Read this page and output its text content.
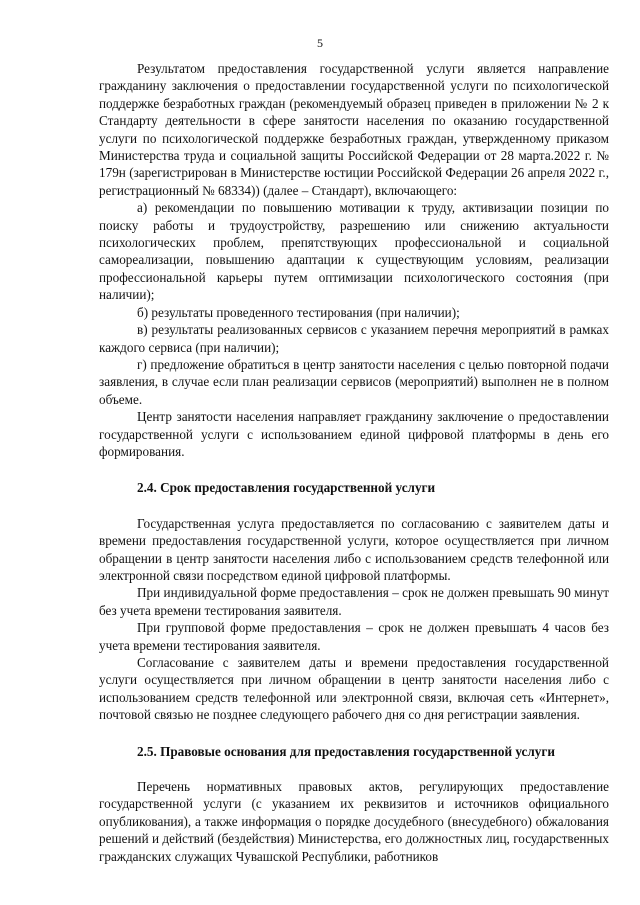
5

Результатом предоставления государственной услуги является направление гражданину заключения о предоставлении государственной услуги по психологической поддержке безработных граждан (рекомендуемый образец приведен в приложении № 2 к Стандарту деятельности в сфере занятости населения по оказанию государственной услуги по психологической поддержке безработных граждан, утвержденному приказом Министерства труда и социальной защиты Российской Федерации от 28 марта.2022 г. № 179н (зарегистрирован в Министерстве юстиции Российской Федерации 26 апреля 2022 г., регистрационный № 68334)) (далее – Стандарт), включающего:

а) рекомендации по повышению мотивации к труду, активизации позиции по поиску работы и трудоустройству, разрешению или снижению актуальности психологических проблем, препятствующих профессиональной и социальной самореализации, повышению адаптации к существующим условиям, реализации профессиональной карьеры путем оптимизации психологического состояния (при наличии);

б) результаты проведенного тестирования (при наличии);

в) результаты реализованных сервисов с указанием перечня мероприятий в рамках каждого сервиса (при наличии);

г) предложение обратиться в центр занятости населения с целью повторной подачи заявления, в случае если план реализации сервисов (мероприятий) выполнен не в полном объеме.

Центр занятости населения направляет гражданину заключение о предоставлении государственной услуги с использованием единой цифровой платформы в день его формирования.

2.4. Срок предоставления государственной услуги

Государственная услуга предоставляется по согласованию с заявителем даты и времени предоставления государственной услуги, которое осуществляется при личном обращении в центр занятости населения либо с использованием средств телефонной или электронной связи посредством единой цифровой платформы.

При индивидуальной форме предоставления – срок не должен превышать 90 минут без учета времени тестирования заявителя.

При групповой форме предоставления – срок не должен превышать 4 часов без учета времени тестирования заявителя.

Согласование с заявителем даты и времени предоставления государственной услуги осуществляется при личном обращении в центр занятости населения либо с использованием средств телефонной или электронной связи, включая сеть «Интернет», почтовой связью не позднее следующего рабочего дня со дня регистрации заявления.

2.5. Правовые основания для предоставления государственной услуги

Перечень нормативных правовых актов, регулирующих предоставление государственной услуги (с указанием их реквизитов и источников официального опубликования), а также информация о порядке досудебного (внесудебного) обжалования решений и действий (бездействия) Министерства, его должностных лиц, государственных гражданских служащих Чувашской Республики, работников
